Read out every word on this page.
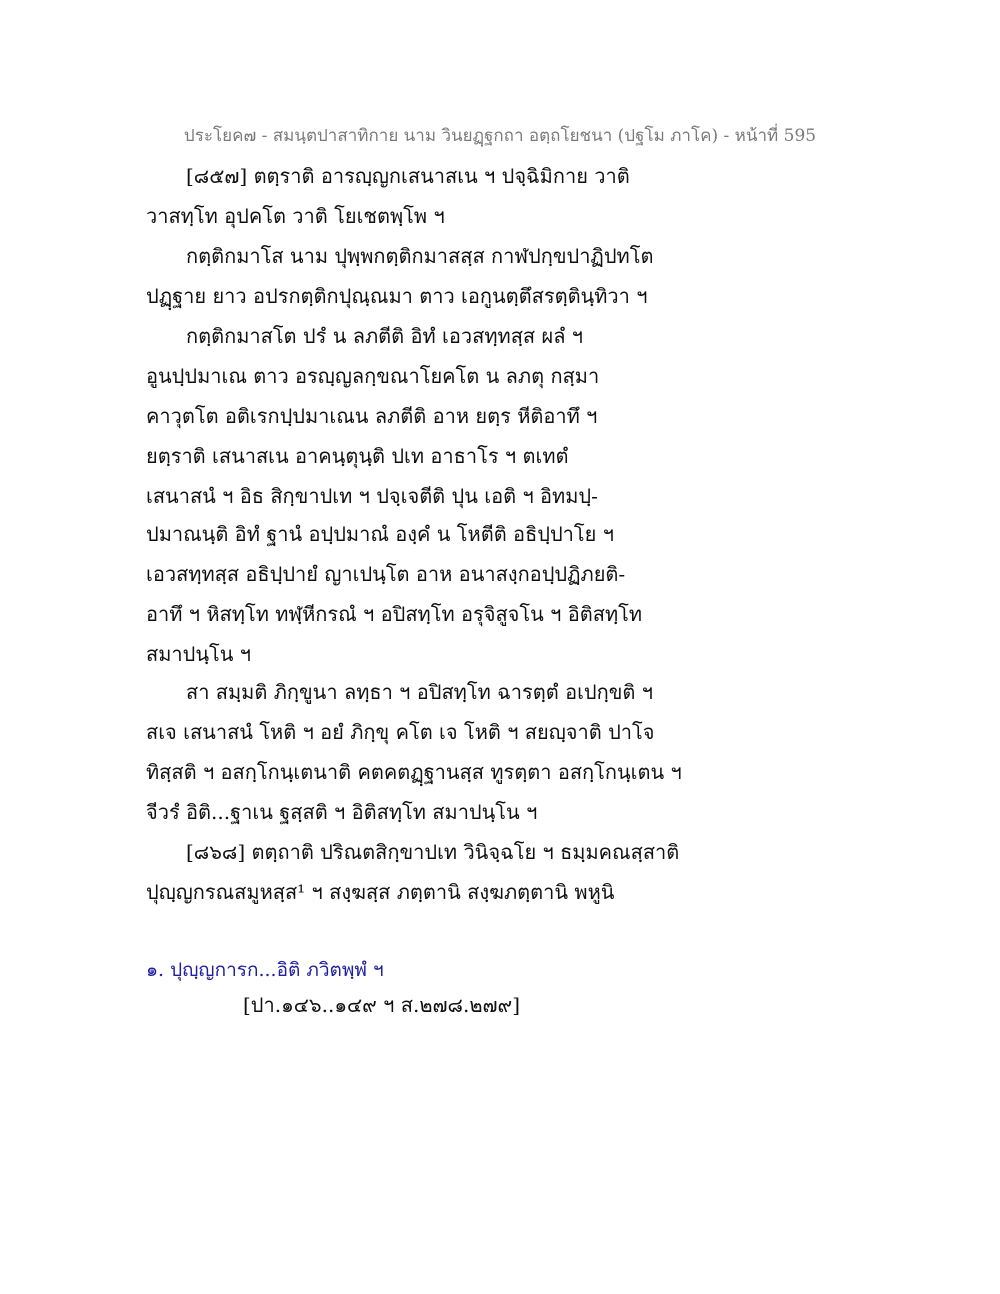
ประโยค๗ - สมนฺตปาสาทิกาย นาม วินยฏฺฐกถา อตฺถโยชนา (ปฐโม ภาโค) - หน้าที่ 595
[๘๕๗] ตตฺราติ อารญฺญกเสนาสเน ฯ ปจฺฉิมิกาย วาติ
วาสทฺโท อุปคโต วาติ โยเชตพฺโพ ฯ
กตฺติกมาโส นาม ปุพฺพกตฺติกมาสสฺส กาฬปกฺขปาฏิปทโต
ปฏฺฐาย ยาว อปรกตฺติกปุณฺณมา ตาว เอกูนตฺตึสรตฺตินฺทิวา ฯ
กตฺติกมาสโต ปรํ น ลภตีติ อิทํ เอวสทฺทสฺส ผลํ ฯ
อูนปฺปมาเณ ตาว อรญฺญลกฺขณาโยคโต น ลภตุ กสฺมา
คาวุตโต อติเรกปฺปมาเณน ลภตีติ อาห ยตฺร หีติอาทึ ฯ
ยตฺราติ เสนาสเน อาคนฺตุนฺติ ปเท อาธาโร ฯ ตเทตํ
เสนาสนํ ฯ อิธ สิกฺขาปเท ฯ ปจฺเจตีติ ปุน เอติ ฯ อิทมปฺ-
ปมาณนฺติ อิทํ ฐานํ อปฺปมาณํ องฺคํ น โหตีติ อธิปฺปาโย ฯ
เอวสทฺทสฺส อธิปฺปายํ ญาเปนฺโต อาห อนาสงฺกอปฺปฏิภยติ-
อาทึ ฯ หิสทฺโท ทฬฺหีกรณํ ฯ อปิสทฺโท อรุจิสูจโน ฯ อิติสทฺโท
สมาปนฺโน ฯ
สา สมฺมติ ภิกฺขูนา ลทฺธา ฯ อปิสทฺโท ฉารตฺตํ อเปกฺขติ ฯ
สเจ เสนาสนํ โหติ ฯ อยํ ภิกฺขุ คโต เจ โหติ ฯ สยญฺจาติ ปาโจ
ทิสฺสติ ฯ อสกฺโกนฺเตนาติ คตคตฏฺฐานสฺส ทูรตฺตา อสกฺโกนฺเตน ฯ
จีวรํ อิติ...ฐาเน ฐสฺสติ ฯ อิติสทฺโท สมาปนฺโน ฯ
[๘๖๘] ตตฺถาติ ปริณตสิกฺขาปเท วินิจฺฉโย ฯ ธมฺมคณสฺสาติ
ปุญฺญกรณสมูหสฺส¹ ฯ สงฺฆสฺส ภตฺตานิ สงฺฆภตฺตานิ พหูนิ
๑. ปุญฺญการก...อิติ ภวิตพฺพํ ฯ
[ปา.๑๔๖..๑๔๙ ฯ ส.๒๗๘.๒๗๙]
